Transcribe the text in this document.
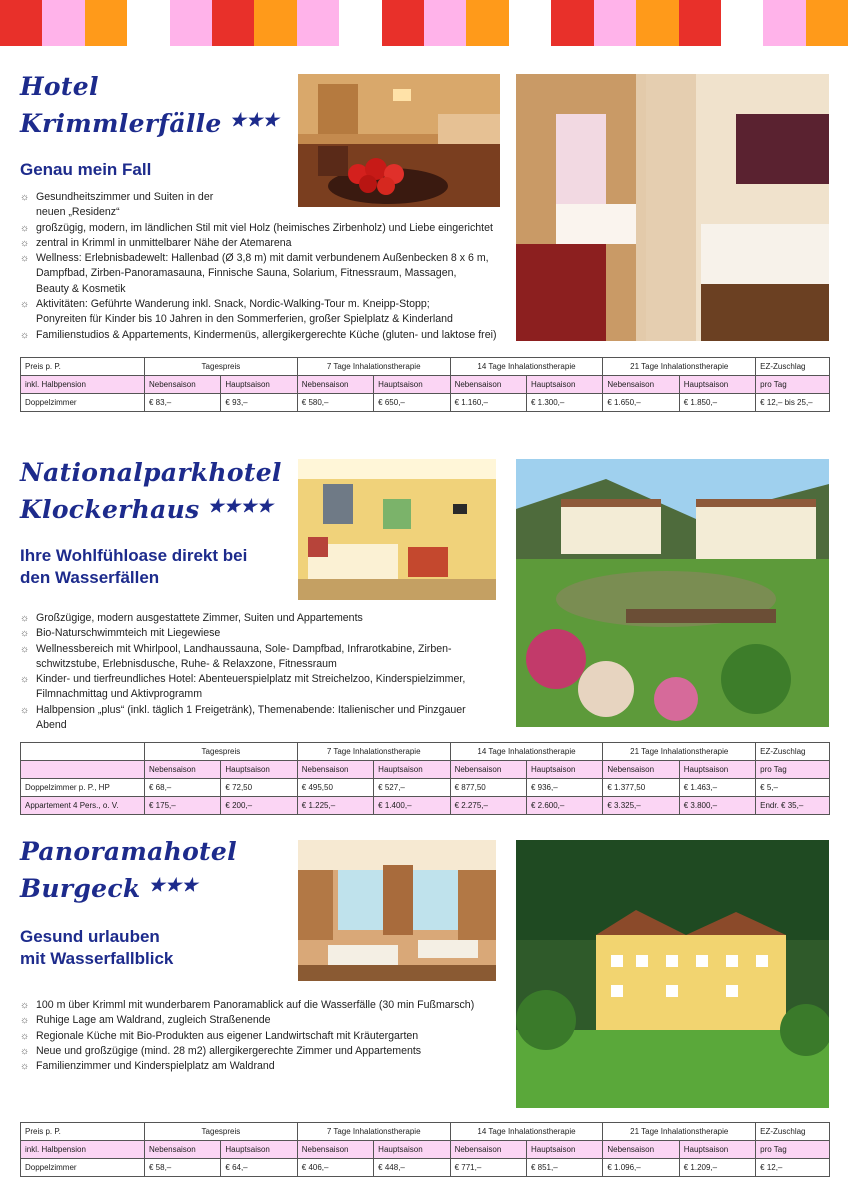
Hotel
Krimmlerfälle ★★★
Genau mein Fall
☼ Gesundheitszimmer und Suiten in der
neuen „Residenz“
☼ großzügig, modern, im ländlichen Stil mit viel Holz (heimisches Zirbenholz) und Liebe eingerichtet
☼ zentral in Krimml in unmittelbarer Nähe der Atemarena
☼ Wellness: Erlebnisbadewelt: Hallenbad (Ø 3,8 m) mit damit verbundenem Außenbecken 8 x 6 m,
Dampfbad, Zirben-Panoramasauna, Finnische Sauna, Solarium, Fitnessraum, Massagen,
Beauty & Kosmetik
☼ Aktivitäten: Geführte Wanderung inkl. Snack, Nordic-Walking-Tour m. Kneipp-Stopp;
Ponyreiten für Kinder bis 10 Jahren in den Sommerferien, großer Spielplatz & Kinderland
☼ Familienstudios & Appartements, Kindermenüs, allergikergerechte Küche (gluten- und laktose frei)
Preis p. P.	Tagespreis		7 Tage Inhalationstherapie		14 Tage Inhalationstherapie		21 Tage Inhalationstherapie		EZ-Zuschlag
inkl. Halbpension	Nebensaison	Hauptsaison	Nebensaison	Hauptsaison	Nebensaison	Hauptsaison	Nebensaison	Hauptsaison	pro Tag
Doppelzimmer	€ 83,–	€ 93,–	€ 580,–	€ 650,–	€ 1.160,–	€ 1.300,–	€ 1.650,–	€ 1.850,–	€ 12,– bis 25,–
Nationalparkhotel
Klockerhaus ★★★★
Ihre Wohlfühloase direkt bei
den Wasserfällen
☼ Großzügige, modern ausgestattete Zimmer, Suiten und Appartements
☼ Bio-Naturschwimmteich mit Liegewiese
☼ Wellnessbereich mit Whirlpool, Landhaussauna, Sole- Dampfbad, Infrarotkabine, Zirben-
schwitzstube, Erlebnisdusche, Ruhe- & Relaxzone, Fitnessraum
☼ Kinder- und tierfreundliches Hotel: Abenteuerspielplatz mit Streichelzoo, Kinderspielzimmer,
Filmnachmittag und Aktivprogramm
☼ Halbpension „plus“ (inkl. täglich 1 Freigetränk), Themenabende: Italienischer und Pinzgauer
Abend
	Tagespreis		7 Tage Inhalationstherapie		14 Tage Inhalationstherapie		21 Tage Inhalationstherapie		EZ-Zuschlag
	Nebensaison	Hauptsaison	Nebensaison	Hauptsaison	Nebensaison	Hauptsaison	Nebensaison	Hauptsaison	pro Tag
Doppelzimmer p. P., HP	€ 68,–	€ 72,50	€ 495,50	€ 527,–	€ 877,50	€ 936,–	€ 1.377,50	€ 1.463,–	€ 5,–
Appartement 4 Pers., o. V.	€ 175,–	€ 200,–	€ 1.225,–	€ 1.400,–	€ 2.275,–	€ 2.600,–	€ 3.325,–	€ 3.800,–	Endr. € 35,–
Panoramahotel
Burgeck ★★★
Gesund urlauben
mit Wasserfallblick
☼ 100 m über Krimml mit wunderbarem Panoramablick auf die Wasserfälle (30 min Fußmarsch)
☼ Ruhige Lage am Waldrand, zugleich Straßenende
☼ Regionale Küche mit Bio-Produkten aus eigener Landwirtschaft mit Kräutergarten
☼ Neue und großzügige (mind. 28 m2) allergikergerechte Zimmer und Appartements
☼ Familienzimmer und Kinderspielplatz am Waldrand
Preis p. P.	Tagespreis		7 Tage Inhalationstherapie		14 Tage Inhalationstherapie		21 Tage Inhalationstherapie		EZ-Zuschlag
inkl. Halbpension	Nebensaison	Hauptsaison	Nebensaison	Hauptsaison	Nebensaison	Hauptsaison	Nebensaison	Hauptsaison	pro Tag
Doppelzimmer	€ 58,–	€ 64,–	€ 406,–	€ 448,–	€ 771,–	€ 851,–	€ 1.096,–	€ 1.209,–	€ 12,–
